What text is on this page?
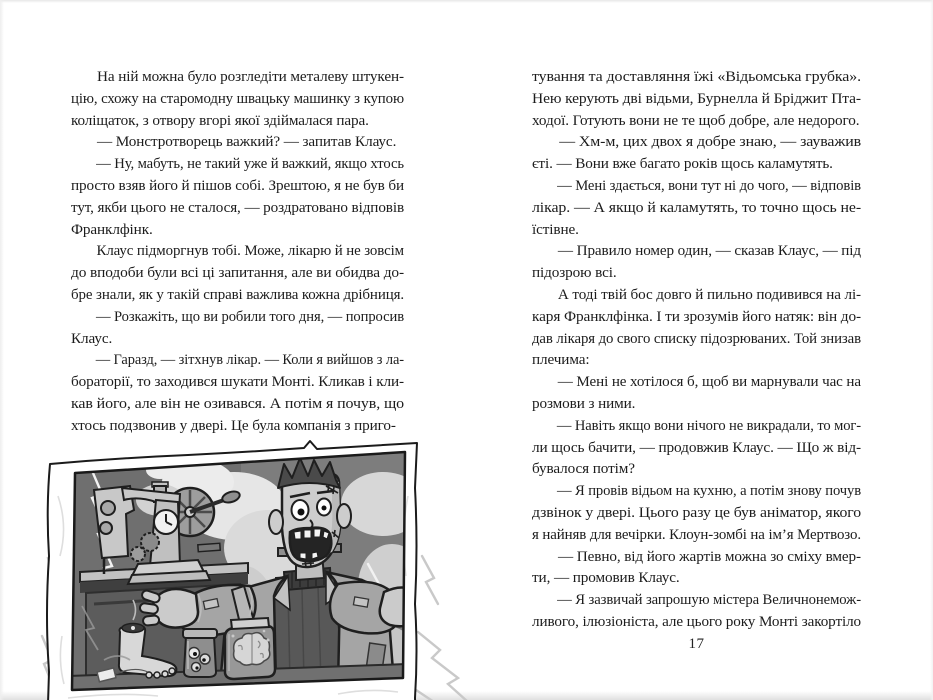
На ній можна було розгледіти металеву штукен-
цію, схожу на старомодну швацьку машинку з купою
коліщаток, з отвору вгорі якої здіймалася пара.
— Монстротворець важкий? — запитав Клаус.
— Ну, мабуть, не такий уже й важкий, якщо хтось
просто взяв його й пішов собі. Зрештою, я не був би
тут, якби цього не сталося, — роздратовано відповів
Франклфінк.
Клаус підморгнув тобі. Може, лікарю й не зовсім
до вподоби були всі ці запитання, але ви обидва до-
бре знали, як у такій справі важлива кожна дрібниця.
— Розкажіть, що ви робили того дня, — попросив
Клаус.
— Гаразд, — зітхнув лікар. — Коли я вийшов з ла-
бораторії, то заходився шукати Монті. Кликав і кли-
кав його, але він не озивався. А потім я почув, що
хтось подзвонив у двері. Це була компанія з приго-
тування та доставляння їжі «Відьомська грубка».
Нею керують дві відьми, Бурнелла й Бріджит Пта-
ходої. Готують вони не те щоб добре, але недорого.
— Хм-м, цих двох я добре знаю, — зауважив
єті. — Вони вже багато років щось каламутять.
— Мені здається, вони тут ні до чого, — відповів
лікар. — А якщо й каламутять, то точно щось не-
їстівне.
— Правило номер один, — сказав Клаус, — під
підозрою всі.
А тоді твій бос довго й пильно подивився на лі-
каря Франклфінка. І ти зрозумів його натяк: він до-
дав лікаря до свого списку підозрюваних. Той знизав
плечима:
— Мені не хотілося б, щоб ви марнували час на
розмови з ними.
— Навіть якщо вони нічого не викрадали, то мог-
ли щось бачити, — продовжив Клаус. — Що ж від-
бувалося потім?
— Я провів відьом на кухню, а потім знову почув
дзвінок у двері. Цього разу це був аніматор, якого
я найняв для вечірки. Клоун-зомбі на ім’я Мертвозо.
— Певно, від його жартів можна зо сміху вмер-
ти, — промовив Клаус.
— Я зазвичай запрошую містера Величнонемож-
ливого, ілюзіоніста, але цього року Монті закортіло
17
